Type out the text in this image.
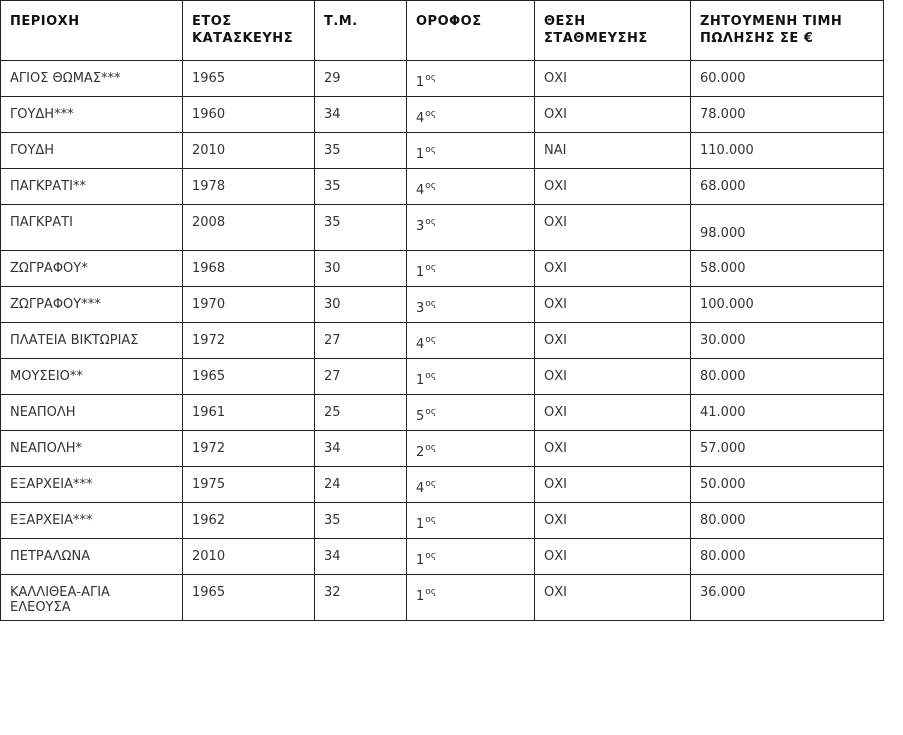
ΠΕΡΙΟΧΗ	ΕΤΟΣ ΚΑΤΑΣΚΕΥΗΣ	Τ.Μ.	ΟΡΟΦΟΣ	ΘΕΣΗ ΣΤΑΘΜΕΥΣΗΣ	ΖΗΤΟΥΜΕΝΗ ΤΙΜΗ ΠΩΛΗΣΗΣ ΣΕ €
ΑΓΙΟΣ ΘΩΜΑΣ***	1965	29	$1^{o\varsigma}$	ΟΧΙ	60.000
ΓΟΥΔΗ***	1960	34	$4^{o\varsigma}$	ΟΧΙ	78.000
ΓΟΥΔΗ	2010	35	$1^{o\varsigma}$	ΝΑΙ	110.000
ΠΑΓΚΡΑΤΙ**	1978	35	$4^{o\varsigma}$	ΟΧΙ	68.000
ΠΑΓΚΡΑΤΙ	2008	35	$3^{o\varsigma}$	ΟΧΙ	98.000

ΖΩΓΡΑΦΟΥ*	1968	30	$1^{o\varsigma}$	ΟΧΙ	58.000
ΖΩΓΡΑΦΟΥ***	1970	30	$3^{o\varsigma}$	ΟΧΙ	100.000
ΠΛΑΤΕΙΑ ΒΙΚΤΩΡΙΑΣ	1972	27	$4^{o\varsigma}$	ΟΧΙ	30.000
ΜΟΥΣΕΙΟ**	1965	27	$1^{o\varsigma}$	ΟΧΙ	80.000
ΝΕΑΠΟΛΗ	1961	25	$5^{o\varsigma}$	ΟΧΙ	41.000
ΝΕΑΠΟΛΗ*	1972	34	$2^{o\varsigma}$	ΟΧΙ	57.000
ΕΞΑΡΧΕΙΑ***	1975	24	$4^{o\varsigma}$	ΟΧΙ	50.000
ΕΞΑΡΧΕΙΑ***	1962	35	$1^{o\varsigma}$	ΟΧΙ	80.000
ΠΕΤΡΑΛΩΝΑ	2010	34	$1^{o\varsigma}$	ΟΧΙ	80.000
ΚΑΛΛΙΘΕΑ-ΑΓΙΑ ΕΛΕΟΥΣΑ	1965	32	$1^{o\varsigma}$	ΟΧΙ	36.000
